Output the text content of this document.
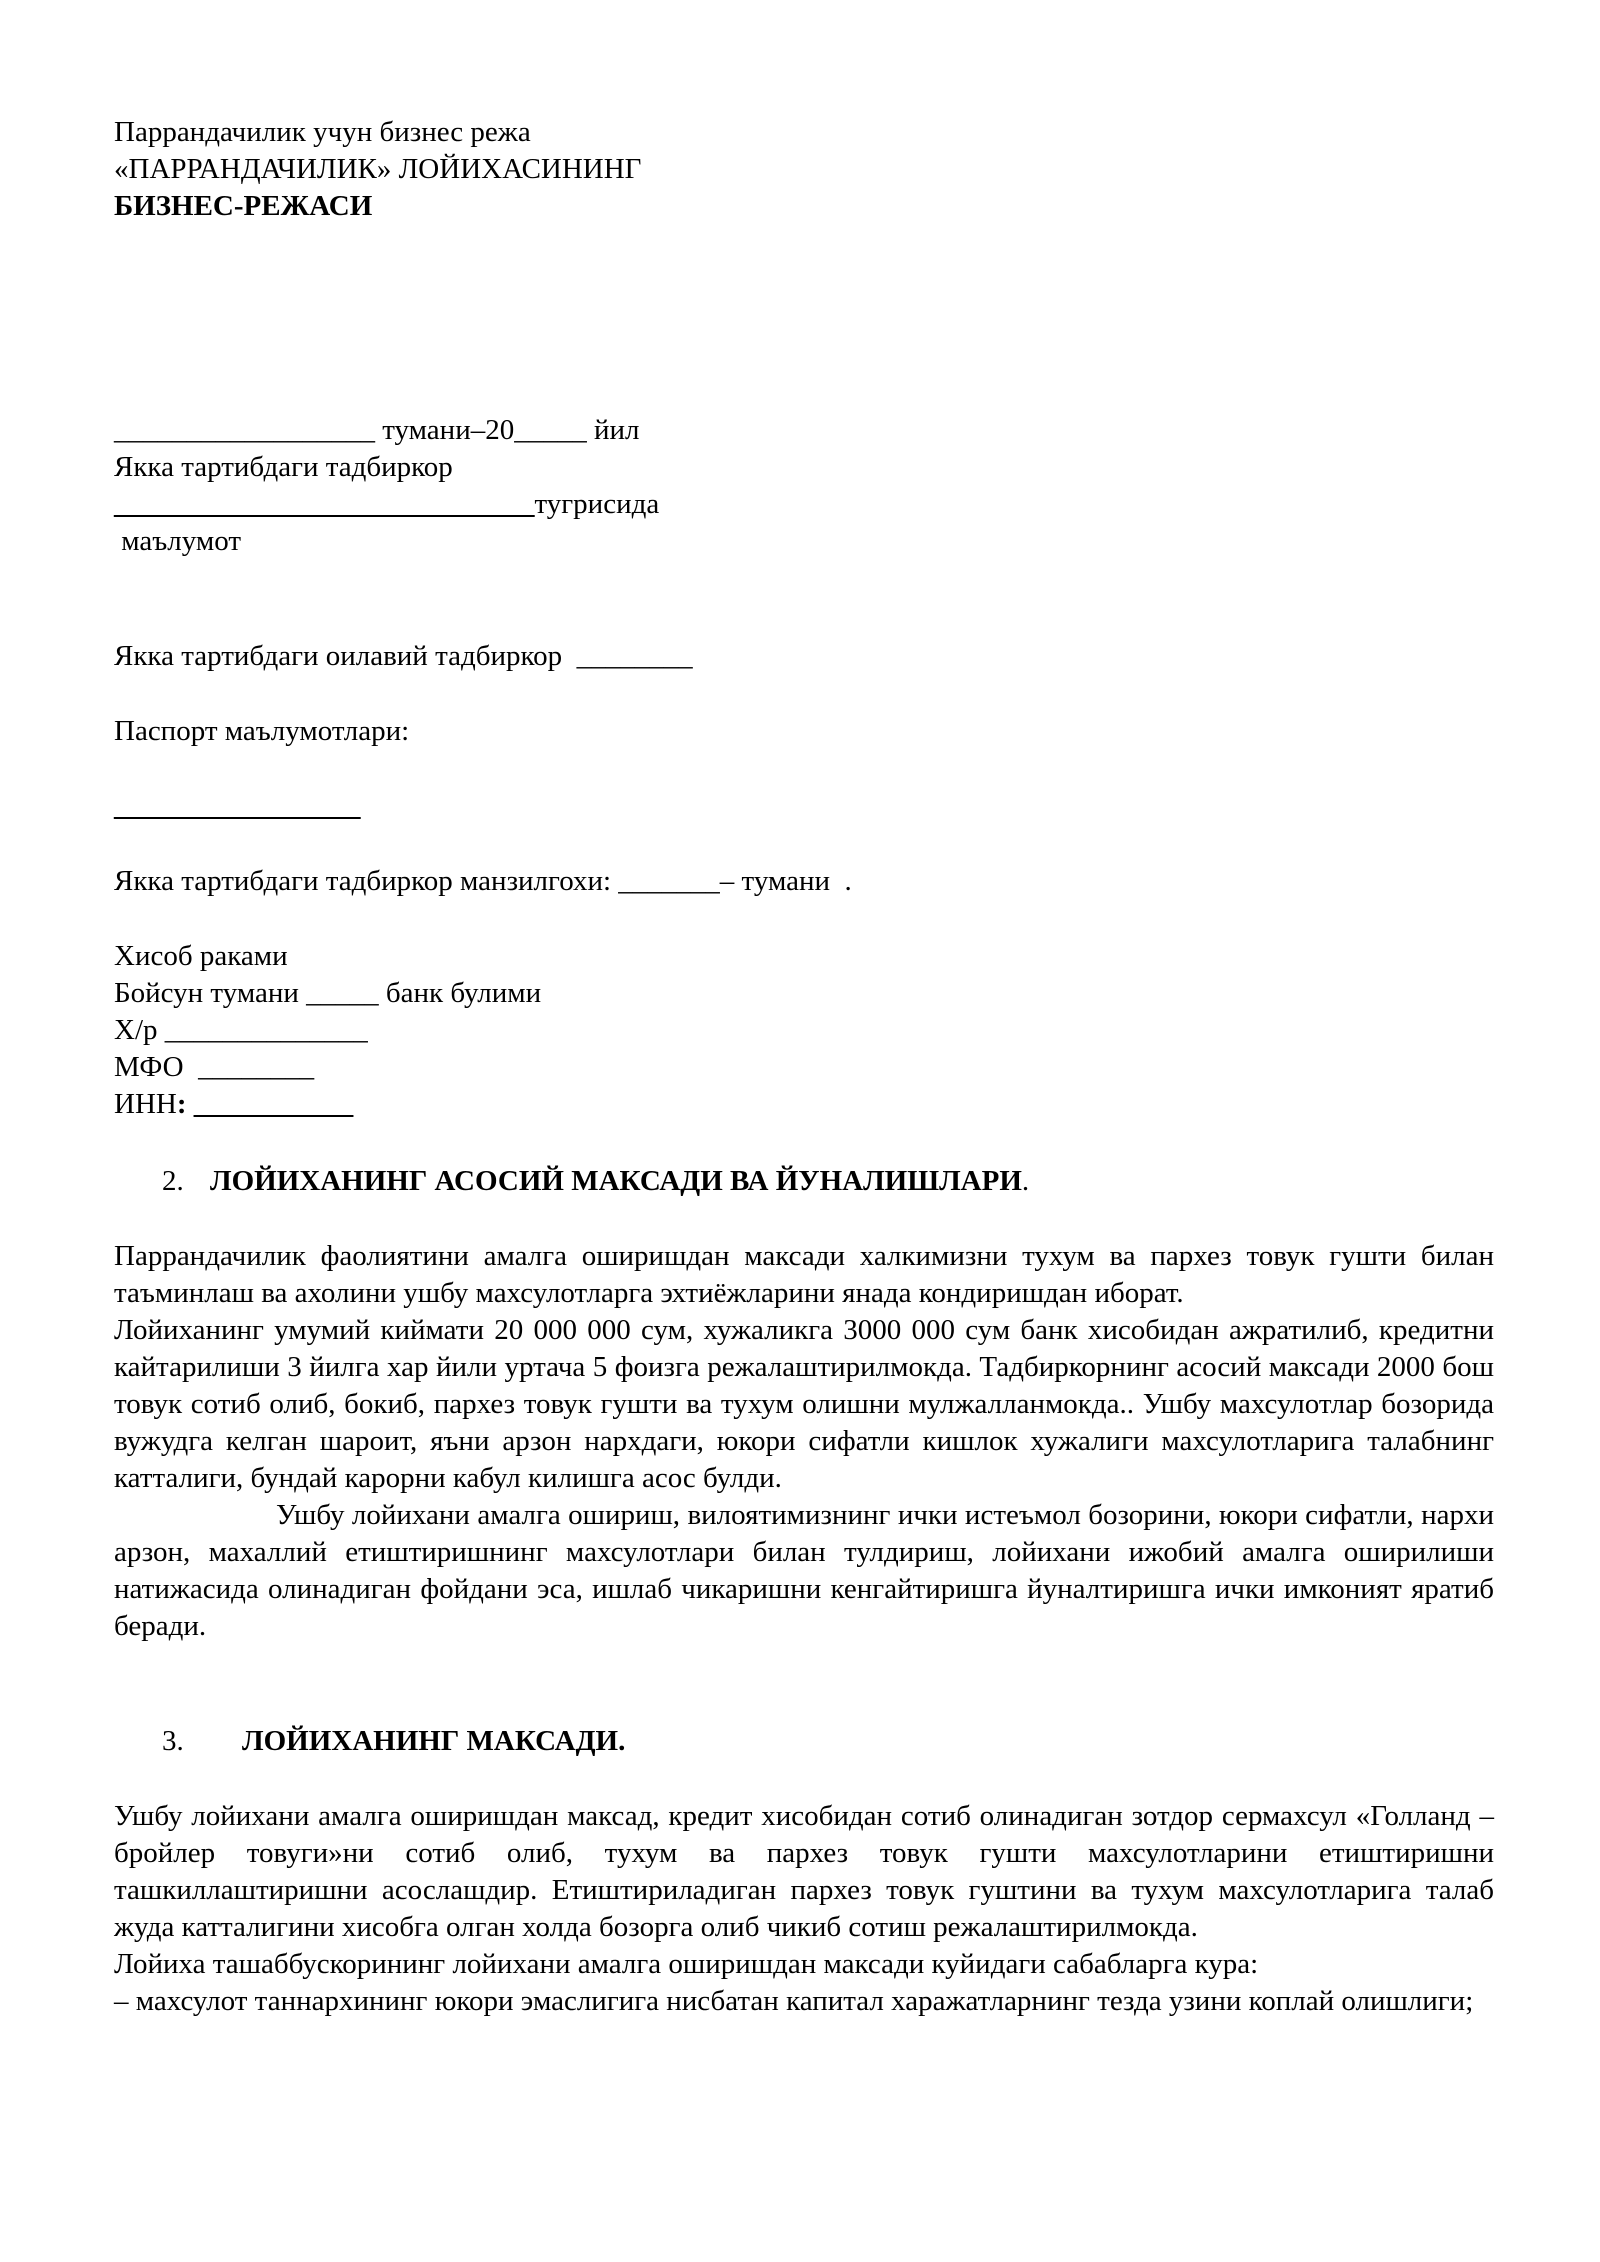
Паррандачилик учун бизнес режа
«ПАРРАНДАЧИЛИК» ЛОЙИХАСИНИНГ
БИЗНЕС-РЕЖАСИ
__________________ тумани–20_____ йил
Якка тартибдаги тадбиркор
_____________________________тугрисида
маълумот
Якка тартибдаги оилавий тадбиркор  ________
Паспорт маълумотлари:
_________________
Якка тартибдаги тадбиркор манзилгохи: _______– тумани  .
Хисоб раками
Бойсун тумани _____ банк булими
Х/р ______________
МФО  ________
ИНН: ___________
2. ЛОЙИХАНИНГ АСОСИЙ МАКСАДИ ВА ЙУНАЛИШЛАРИ.
Паррандачилик фаолиятини амалга оширишдан максади халкимизни тухум ва пархез товук гушти билан таъминлаш ва ахолини ушбу махсулотларга эхтиёжларини янада кондиришдан иборат.
Лойиханинг умумий киймати 20 000 000 сум, хужаликга 3000 000 сум банк хисобидан ажратилиб, кредитни кайтарилиши 3 йилга хар йили уртача 5 фоизга режалаштирилмокда. Тадбиркорнинг асосий максади 2000 бош товук сотиб олиб, бокиб, пархез товук гушти ва тухум олишни мулжалланмокда.. Ушбу махсулотлар бозорида вужудга келган шароит, яъни арзон нархдаги, юкори сифатли кишлок хужалиги махсулотларига талабнинг катталиги, бундай карорни кабул килишга асос булди.
Ушбу лойихани амалга ошириш, вилоятимизнинг ички истеъмол бозорини, юкори сифатли, нархи арзон, махаллий етиштиришнинг махсулотлари билан тулдириш, лойихани ижобий амалга оширилиши натижасида олинадиган фойдани эса, ишлаб чикаришни кенгайтиришга йуналтиришга ички имконият яратиб беради.
3. ЛОЙИХАНИНГ МАКСАДИ.
Ушбу лойихани амалга оширишдан максад, кредит хисобидан сотиб олинадиган зотдор сермахсул «Голланд – бройлер товуги»ни сотиб олиб, тухум ва пархез товук гушти махсулотларини етиштиришни ташкиллаштиришни асослашдир. Етиштириладиган пархез товук гуштини ва тухум махсулотларига талаб жуда катталигини хисобга олган холда бозорга олиб чикиб сотиш режалаштирилмокда.
Лойиха ташаббускорининг лойихани амалга оширишдан максади куйидаги сабабларга кура:
– махсулот таннархининг юкори эмаслигига нисбатан капитал харажатларнинг тезда узини коплай олишлиги;
